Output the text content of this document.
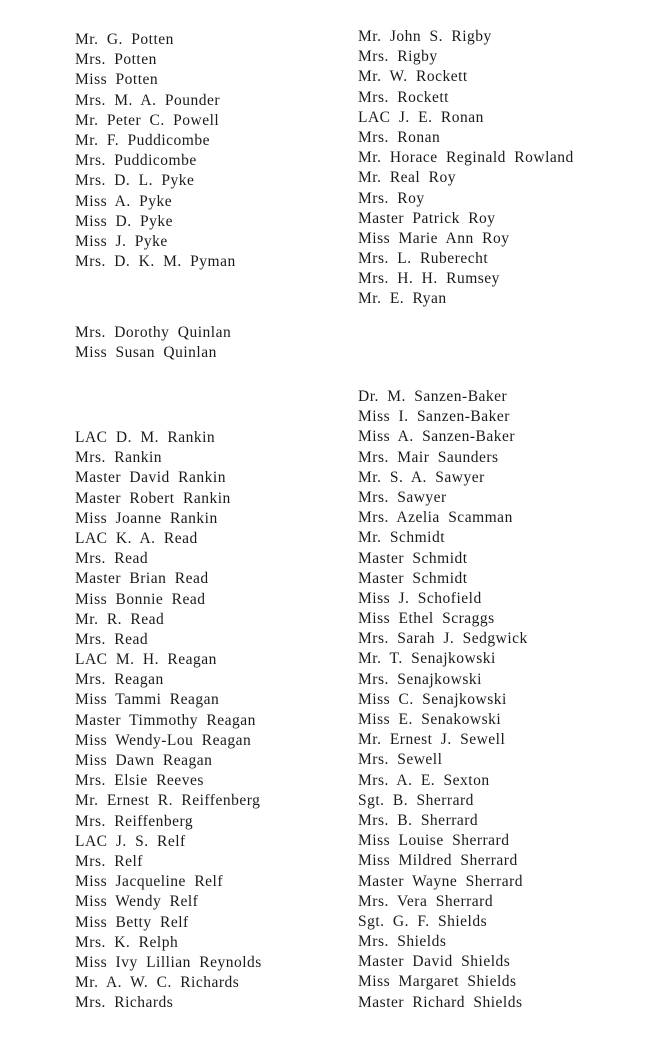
Mr. G. Potten
Mrs. Potten
Miss Potten
Mrs. M. A. Pounder
Mr. Peter C. Powell
Mr. F. Puddicombe
Mrs. Puddicombe
Mrs. D. L. Pyke
Miss A. Pyke
Miss D. Pyke
Miss J. Pyke
Mrs. D. K. M. Pyman
Mrs. Dorothy Quinlan
Miss Susan Quinlan
LAC D. M. Rankin
Mrs. Rankin
Master David Rankin
Master Robert Rankin
Miss Joanne Rankin
LAC K. A. Read
Mrs. Read
Master Brian Read
Miss Bonnie Read
Mr. R. Read
Mrs. Read
LAC M. H. Reagan
Mrs. Reagan
Miss Tammi Reagan
Master Timmothy Reagan
Miss Wendy-Lou Reagan
Miss Dawn Reagan
Mrs. Elsie Reeves
Mr. Ernest R. Reiffenberg
Mrs. Reiffenberg
LAC J. S. Relf
Mrs. Relf
Miss Jacqueline Relf
Miss Wendy Relf
Miss Betty Relf
Mrs. K. Relph
Miss Ivy Lillian Reynolds
Mr. A. W. C. Richards
Mrs. Richards
Mr. John S. Rigby
Mrs. Rigby
Mr. W. Rockett
Mrs. Rockett
LAC J. E. Ronan
Mrs. Ronan
Mr. Horace Reginald Rowland
Mr. Real Roy
Mrs. Roy
Master Patrick Roy
Miss Marie Ann Roy
Mrs. L. Ruberecht
Mrs. H. H. Rumsey
Mr. E. Ryan
Dr. M. Sanzen-Baker
Miss I. Sanzen-Baker
Miss A. Sanzen-Baker
Mrs. Mair Saunders
Mr. S. A. Sawyer
Mrs. Sawyer
Mrs. Azelia Scamman
Mr. Schmidt
Master Schmidt
Master Schmidt
Miss J. Schofield
Miss Ethel Scraggs
Mrs. Sarah J. Sedgwick
Mr. T. Senajkowski
Mrs. Senajkowski
Miss C. Senajkowski
Miss E. Senakowski
Mr. Ernest J. Sewell
Mrs. Sewell
Mrs. A. E. Sexton
Sgt. B. Sherrard
Mrs. B. Sherrard
Miss Louise Sherrard
Miss Mildred Sherrard
Master Wayne Sherrard
Mrs. Vera Sherrard
Sgt. G. F. Shields
Mrs. Shields
Master David Shields
Miss Margaret Shields
Master Richard Shields
